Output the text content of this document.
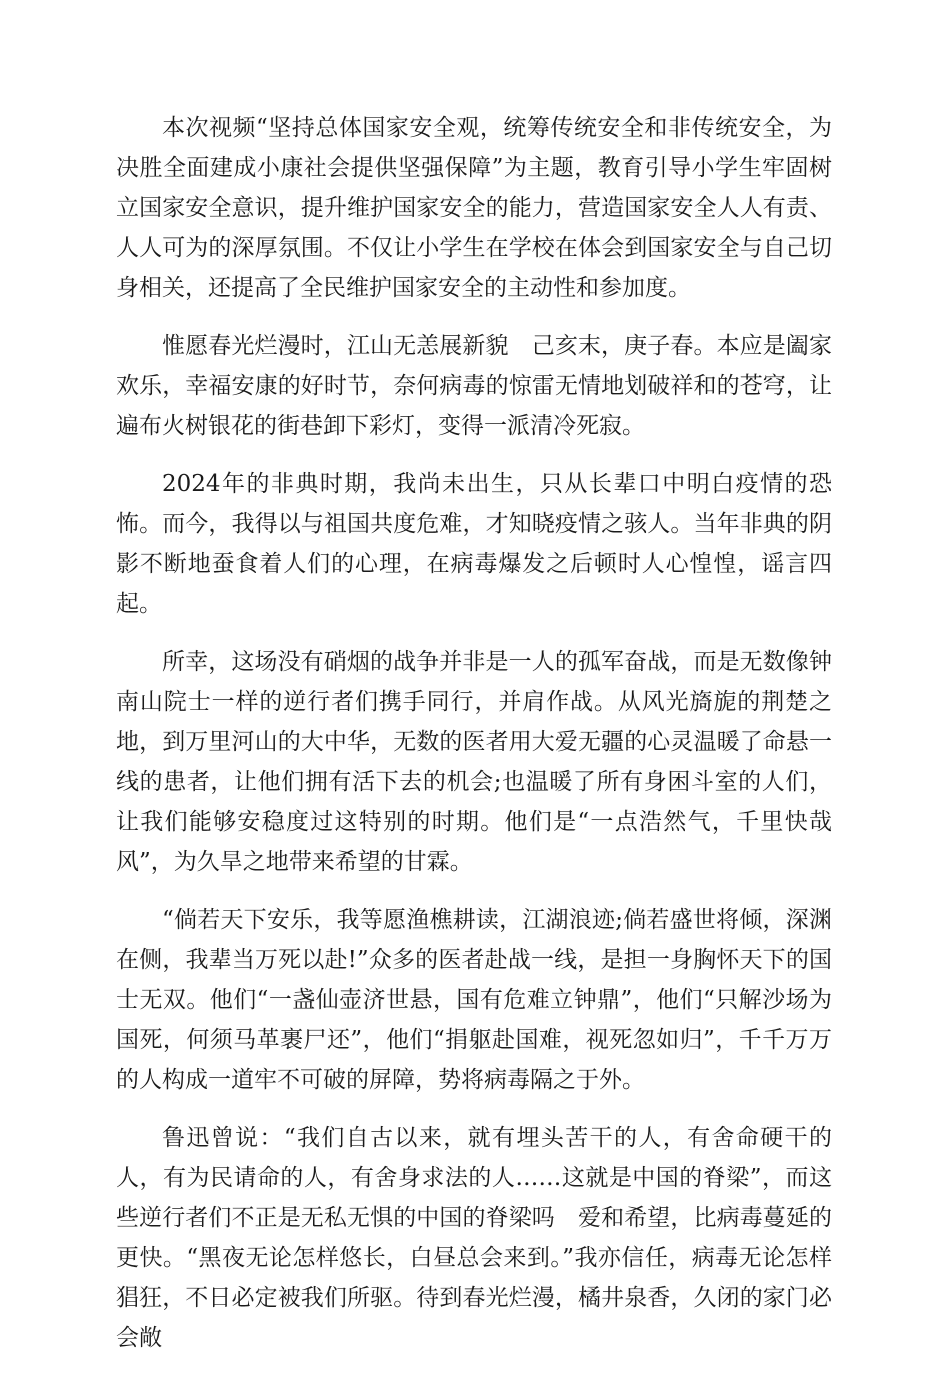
本次视频“坚持总体国家安全观，统筹传统安全和非传统安全，为决胜全面建成小康社会提供坚强保障”为主题，教育引导小学生牢固树立国家安全意识，提升维护国家安全的能力，营造国家安全人人有责、人人可为的深厚氛围。不仅让小学生在学校在体会到国家安全与自己切身相关，还提高了全民维护国家安全的主动性和参加度。

惟愿春光烂漫时，江山无恙展新貌　己亥末，庚子春。本应是阖家欢乐，幸福安康的好时节，奈何病毒的惊雷无情地划破祥和的苍穹，让遍布火树银花的街巷卸下彩灯，变得一派清冷死寂。

2024年的非典时期，我尚未出生，只从长辈口中明白疫情的恐怖。而今，我得以与祖国共度危难，才知晓疫情之骇人。当年非典的阴影不断地蚕食着人们的心理，在病毒爆发之后顿时人心惶惶，谣言四起。

所幸，这场没有硝烟的战争并非是一人的孤军奋战，而是无数像钟南山院士一样的逆行者们携手同行，并肩作战。从风光旖旎的荆楚之地，到万里河山的大中华，无数的医者用大爱无疆的心灵温暖了命悬一线的患者，让他们拥有活下去的机会;也温暖了所有身困斗室的人们，让我们能够安稳度过这特别的时期。他们是“一点浩然气，千里快哉风”，为久旱之地带来希望的甘霖。

“倘若天下安乐，我等愿渔樵耕读，江湖浪迹;倘若盛世将倾，深渊在侧，我辈当万死以赴!”众多的医者赴战一线，是担一身胸怀天下的国士无双。他们“一盏仙壶济世悬，国有危难立钟鼎”，他们“只解沙场为国死，何须马革裹尸还”，他们“捐躯赴国难，视死忽如归”，千千万万的人构成一道牢不可破的屏障，势将病毒隔之于外。

鲁迅曾说：“我们自古以来，就有埋头苦干的人，有舍命硬干的人，有为民请命的人，有舍身求法的人……这就是中国的脊梁”，而这些逆行者们不正是无私无惧的中国的脊梁吗　爱和希望，比病毒蔓延的更快。“黑夜无论怎样悠长，白昼总会来到。”我亦信任，病毒无论怎样猖狂，不日必定被我们所驱。待到春光烂漫，橘井泉香，久闭的家门必会敞
